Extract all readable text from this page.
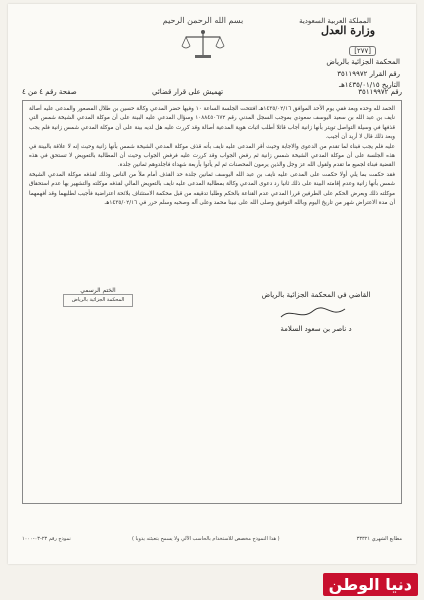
بسم الله الرحمن الرحيم	المملكة العربية السعودية
وزارة العدل
[٢٧٧]
المحكمة الجزائية بالرياض
رقم القرار ٣٥١١٩٩٧٢
التاريخ ١٤٣٥/٠١/١٥هـ
رقم ٣٥١١٩٩٧٢
تهميش على قرار قضائي
صفحة رقم ٤ من ٤

الحمد لله وحده وبعد ففي يوم الأحد الموافق ١٤٣٥/٠٢/١٦هـ افتتحت الجلسة الساعة ١٠ وفيها حضر المدعي وكالة حسين بن طلال المصعور والمدعى عليه أصالة نايف بن عبد الله بن سعيد اليوسف سعودي بموجب السجل المدني رقم ١٠٨٨٤٥٠٦٧٢ وسؤال المدعي عليه البينة على أن موكلة المدعي الشيخة شمس التي قذفها في وسيلة التواصل تويتر بأنها زانية أجاب قائلا أطلب اثبات هوية المدعية أصالة وقد كررت عليه هل لديه بينة على أن موكلة المدعي شمس زانية فلم يجب وبعد ذلك قال لا أريد أن أجيب.

عليه فلم يجب فبناء لما تقدم من الدعوى والاجابة وحيث أقر المدعى عليه نايف بأنه قذف موكلة المدعي الشيخة شمس بأنها زانية وحيث إنه لا علاقة بالبينة في هذه الجلسة على أن موكلة المدعي الشيخة شمس زانية ثم رفض الجواب وقد كررت عليه فرفض الجواب وحيث أن المطالبة بالتعويض لا تستحق في هذه القضية فبناء لجميع ما تقدم ولقول الله عز وجل والذين يرمون المحصنات ثم لم يأتوا بأربعة شهداء فاجلدوهم ثمانين جلدة.

فقد حكمت بما يلي أولا حكمت على المدعى عليه نايف بن عبد الله اليوسف ثمانين جلدة حد القذف أمام ملأ من الناس وذلك لقذفه موكلة المدعي الشيخة شمس بأنها زانية وعدم إقامته البينة على ذلك ثانيا رد دعوى المدعي وكالة بمطالبة المدعى عليه نايف بالتعويض المالي لقذفه موكلته والتشهير بها عدم استحقاق موكلته ذلك وبعرض الحكم على الطرفين قررا المدعي عدم القناعة بالحكم وطلبا تدقيقه من قبل محكمة الاستئناف بلائحة اعتراضية فأجيب لطلبهما وقد أفهمهما أن مدة الاعتراض شهر من تاريخ اليوم وبالله التوفيق وصلى الله على نبينا محمد وعلى آله وصحبه وسلم حرر في ١٤٣٥/٠٢/١٦هـ

القاضي في المحكمة الجزائية بالرياض
د ناصر بن سعود السلامة
الختم الرسمي
المحكمة الجزائية بالرياض
مطابع الشهري ٣٣٣٢١
( هذا النموذج مخصص للاستخدام بالحاسب الآلي ولا يسمح بتعبئته يدويا )
نموذج رقم ٢٣-٠٣-١٠٠٠
دنيا الوطن
